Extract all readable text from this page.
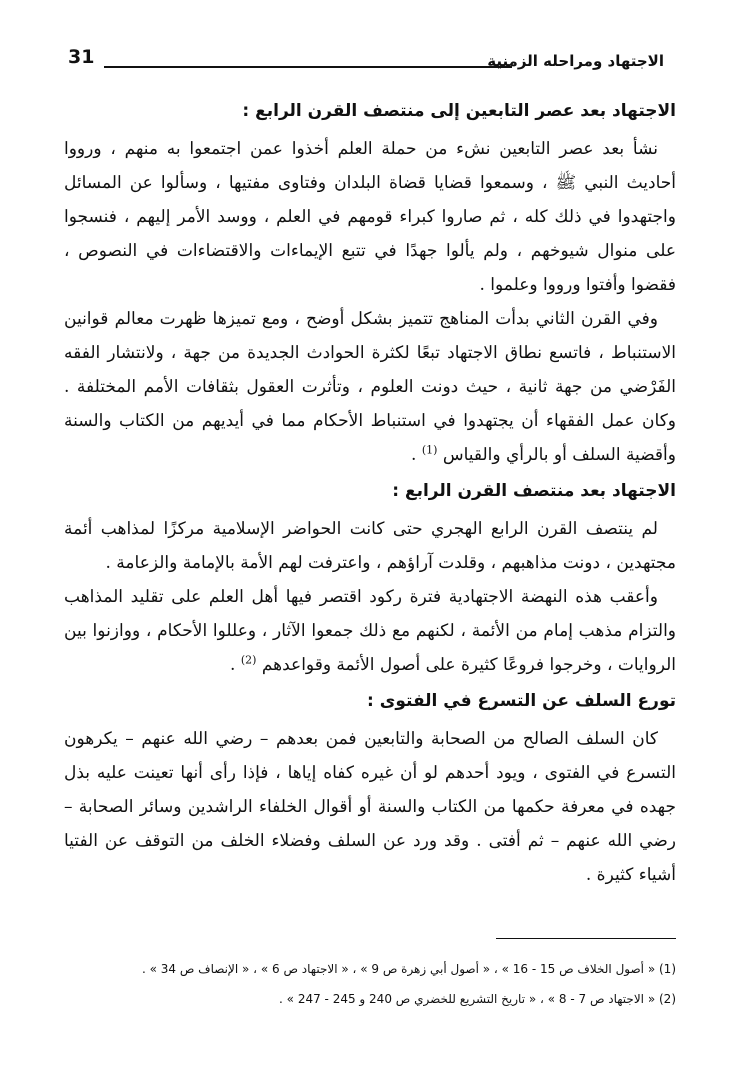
الاجتهاد ومراحله الزمنية
31
الاجتهاد بعد عصر التابعين إلى منتصف القرن الرابع :

نشأ بعد عصر التابعين نشء من حملة العلم أخذوا عمن اجتمعوا به منهم ، ورووا أحاديث النبي ﷺ ، وسمعوا قضايا قضاة البلدان وفتاوى مفتيها ، وسألوا عن المسائل واجتهدوا في ذلك كله ، ثم صاروا كبراء قومهم في العلم ، ووسد الأمر إليهم ، فنسجوا على منوال شيوخهم ، ولم يألوا جهدًا في تتبع الإيماءات والاقتضاءات في النصوص ، فقضوا وأفتوا ورووا وعلموا .

وفي القرن الثاني بدأت المناهج تتميز بشكل أوضح ، ومع تميزها ظهرت معالم قوانين الاستنباط ، فاتسع نطاق الاجتهاد تبعًا لكثرة الحوادث الجديدة من جهة ، ولانتشار الفقه الفَرْضي من جهة ثانية ، حيث دونت العلوم ، وتأثرت العقول بثقافات الأمم المختلفة . وكان عمل الفقهاء أن يجتهدوا في استنباط الأحكام مما في أيديهم من الكتاب والسنة وأقضية السلف أو بالرأي والقياس $^{(1)}$ .

الاجتهاد بعد منتصف القرن الرابع :

لم ينتصف القرن الرابع الهجري حتى كانت الحواضر الإسلامية مركزًا لمذاهب أئمة مجتهدين ، دونت مذاهبهم ، وقلدت آراؤهم ، واعترفت لهم الأمة بالإمامة والزعامة .

وأعقب هذه النهضة الاجتهادية فترة ركود اقتصر فيها أهل العلم على تقليد المذاهب والتزام مذهب إمام من الأئمة ، لكنهم مع ذلك جمعوا الآثار ، وعللوا الأحكام ، ووازنوا بين الروايات ، وخرجوا فروعًا كثيرة على أصول الأئمة وقواعدهم $^{(2)}$ .

تورع السلف عن التسرع في الفتوى :

كان السلف الصالح من الصحابة والتابعين فمن بعدهم – رضي الله عنهم – يكرهون التسرع في الفتوى ، ويود أحدهم لو أن غيره كفاه إياها ، فإذا رأى أنها تعينت عليه بذل جهده في معرفة حكمها من الكتاب والسنة أو أقوال الخلفاء الراشدين وسائر الصحابة – رضي الله عنهم – ثم أفتى . وقد ورد عن السلف وفضلاء الخلف من التوقف عن الفتيا أشياء كثيرة .

(1) « أصول الخلاف ص 15 - 16 » ، « أصول أبي زهرة ص 9 » ، « الاجتهاد ص 6 » ، « الإنصاف ص 34 » .

(2) « الاجتهاد ص 7 - 8 » ، « تاريخ التشريع للخضري ص 240 و 245 - 247 » .
